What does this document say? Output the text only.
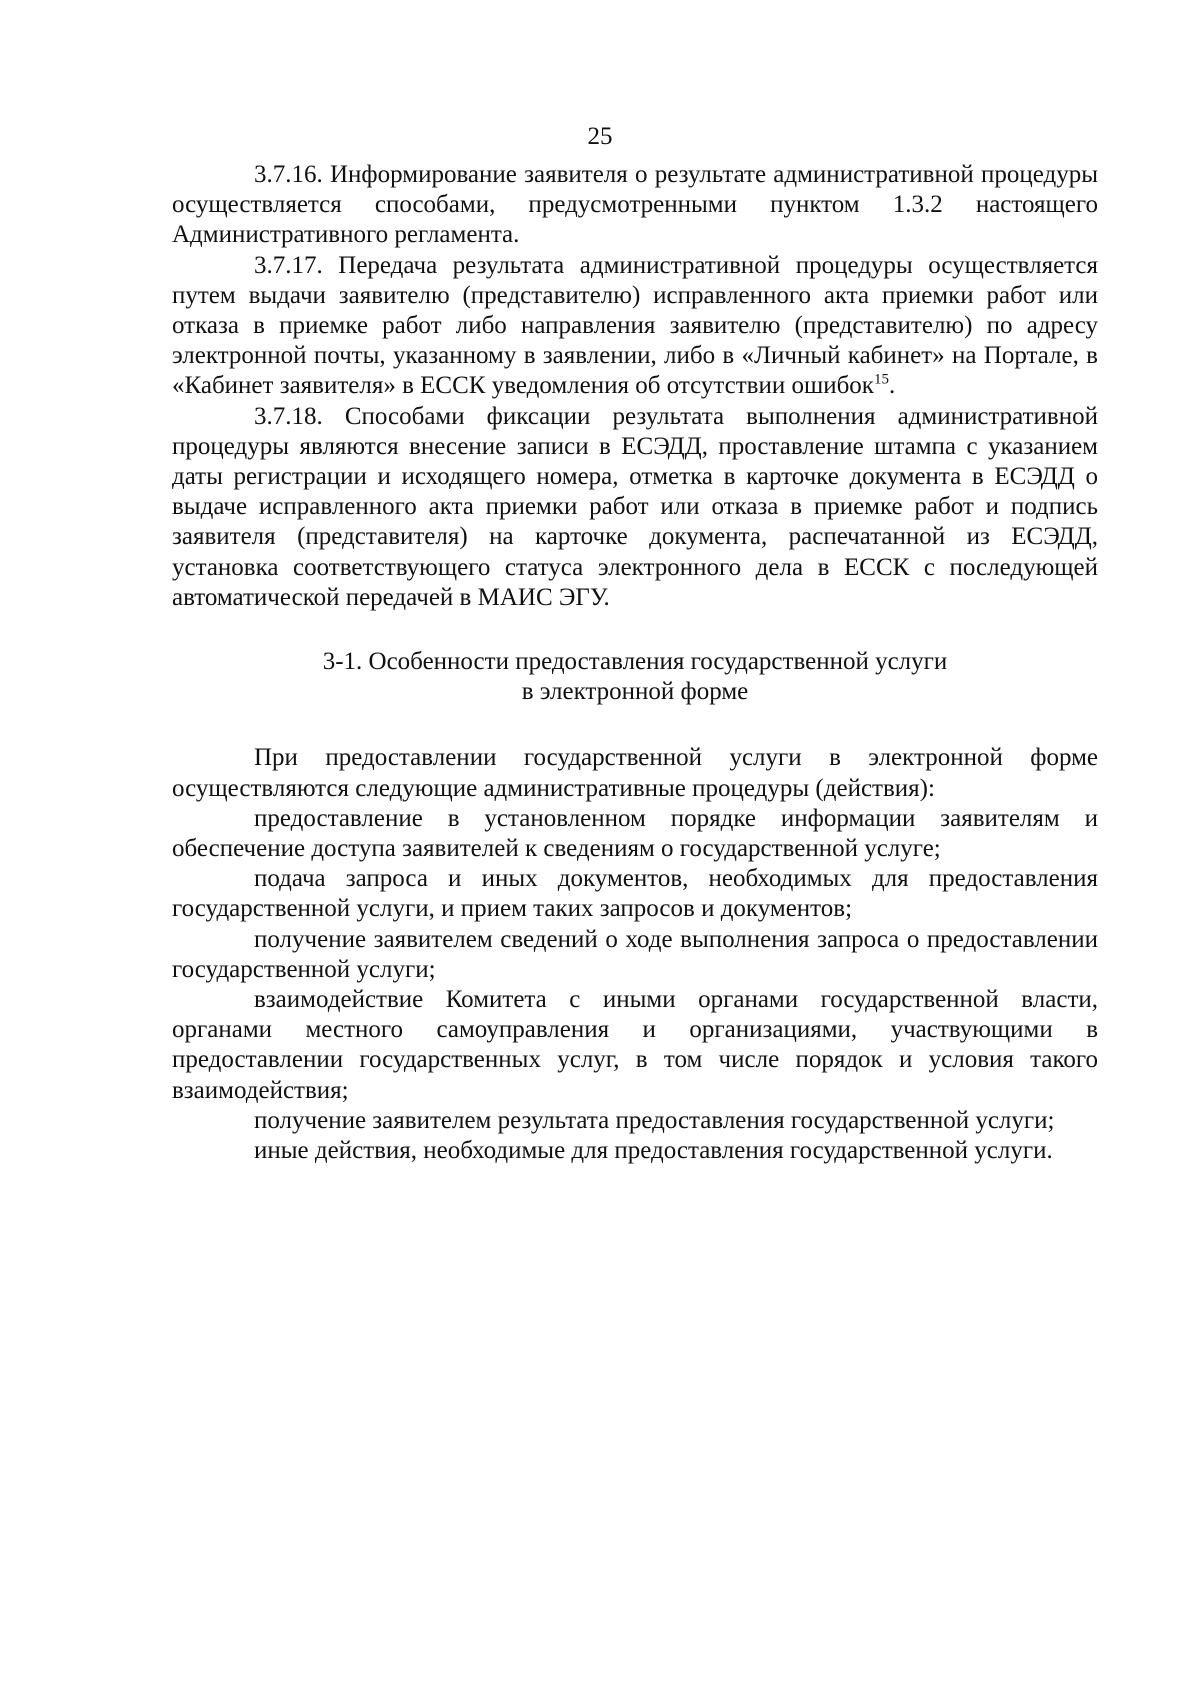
25

3.7.16. Информирование заявителя о результате административной процедуры осуществляется способами, предусмотренными пунктом 1.3.2 настоящего Административного регламента.

3.7.17. Передача результата административной процедуры осуществляется путем выдачи заявителю (представителю) исправленного акта приемки работ или отказа в приемке работ либо направления заявителю (представителю) по адресу электронной почты, указанному в заявлении, либо в «Личный кабинет» на Портале, в «Кабинет заявителя» в ЕССК уведомления об отсутствии ошибок$^{15}$.

3.7.18. Способами фиксации результата выполнения административной процедуры являются внесение записи в ЕСЭДД, проставление штампа с указанием даты регистрации и исходящего номера, отметка в карточке документа в ЕСЭДД о выдаче исправленного акта приемки работ или отказа в приемке работ и подпись заявителя (представителя) на карточке документа, распечатанной из ЕСЭДД, установка соответствующего статуса электронного дела в ЕССК с последующей автоматической передачей в МАИС ЭГУ.

3-1. Особенности предоставления государственной услуги
в электронной форме

При предоставлении государственной услуги в электронной форме осуществляются следующие административные процедуры (действия):

предоставление в установленном порядке информации заявителям и обеспечение доступа заявителей к сведениям о государственной услуге;

подача запроса и иных документов, необходимых для предоставления государственной услуги, и прием таких запросов и документов;

получение заявителем сведений о ходе выполнения запроса о предоставлении государственной услуги;

взаимодействие Комитета с иными органами государственной власти, органами местного самоуправления и организациями, участвующими в предоставлении государственных услуг, в том числе порядок и условия такого взаимодействия;

получение заявителем результата предоставления государственной услуги;

иные действия, необходимые для предоставления государственной услуги.
